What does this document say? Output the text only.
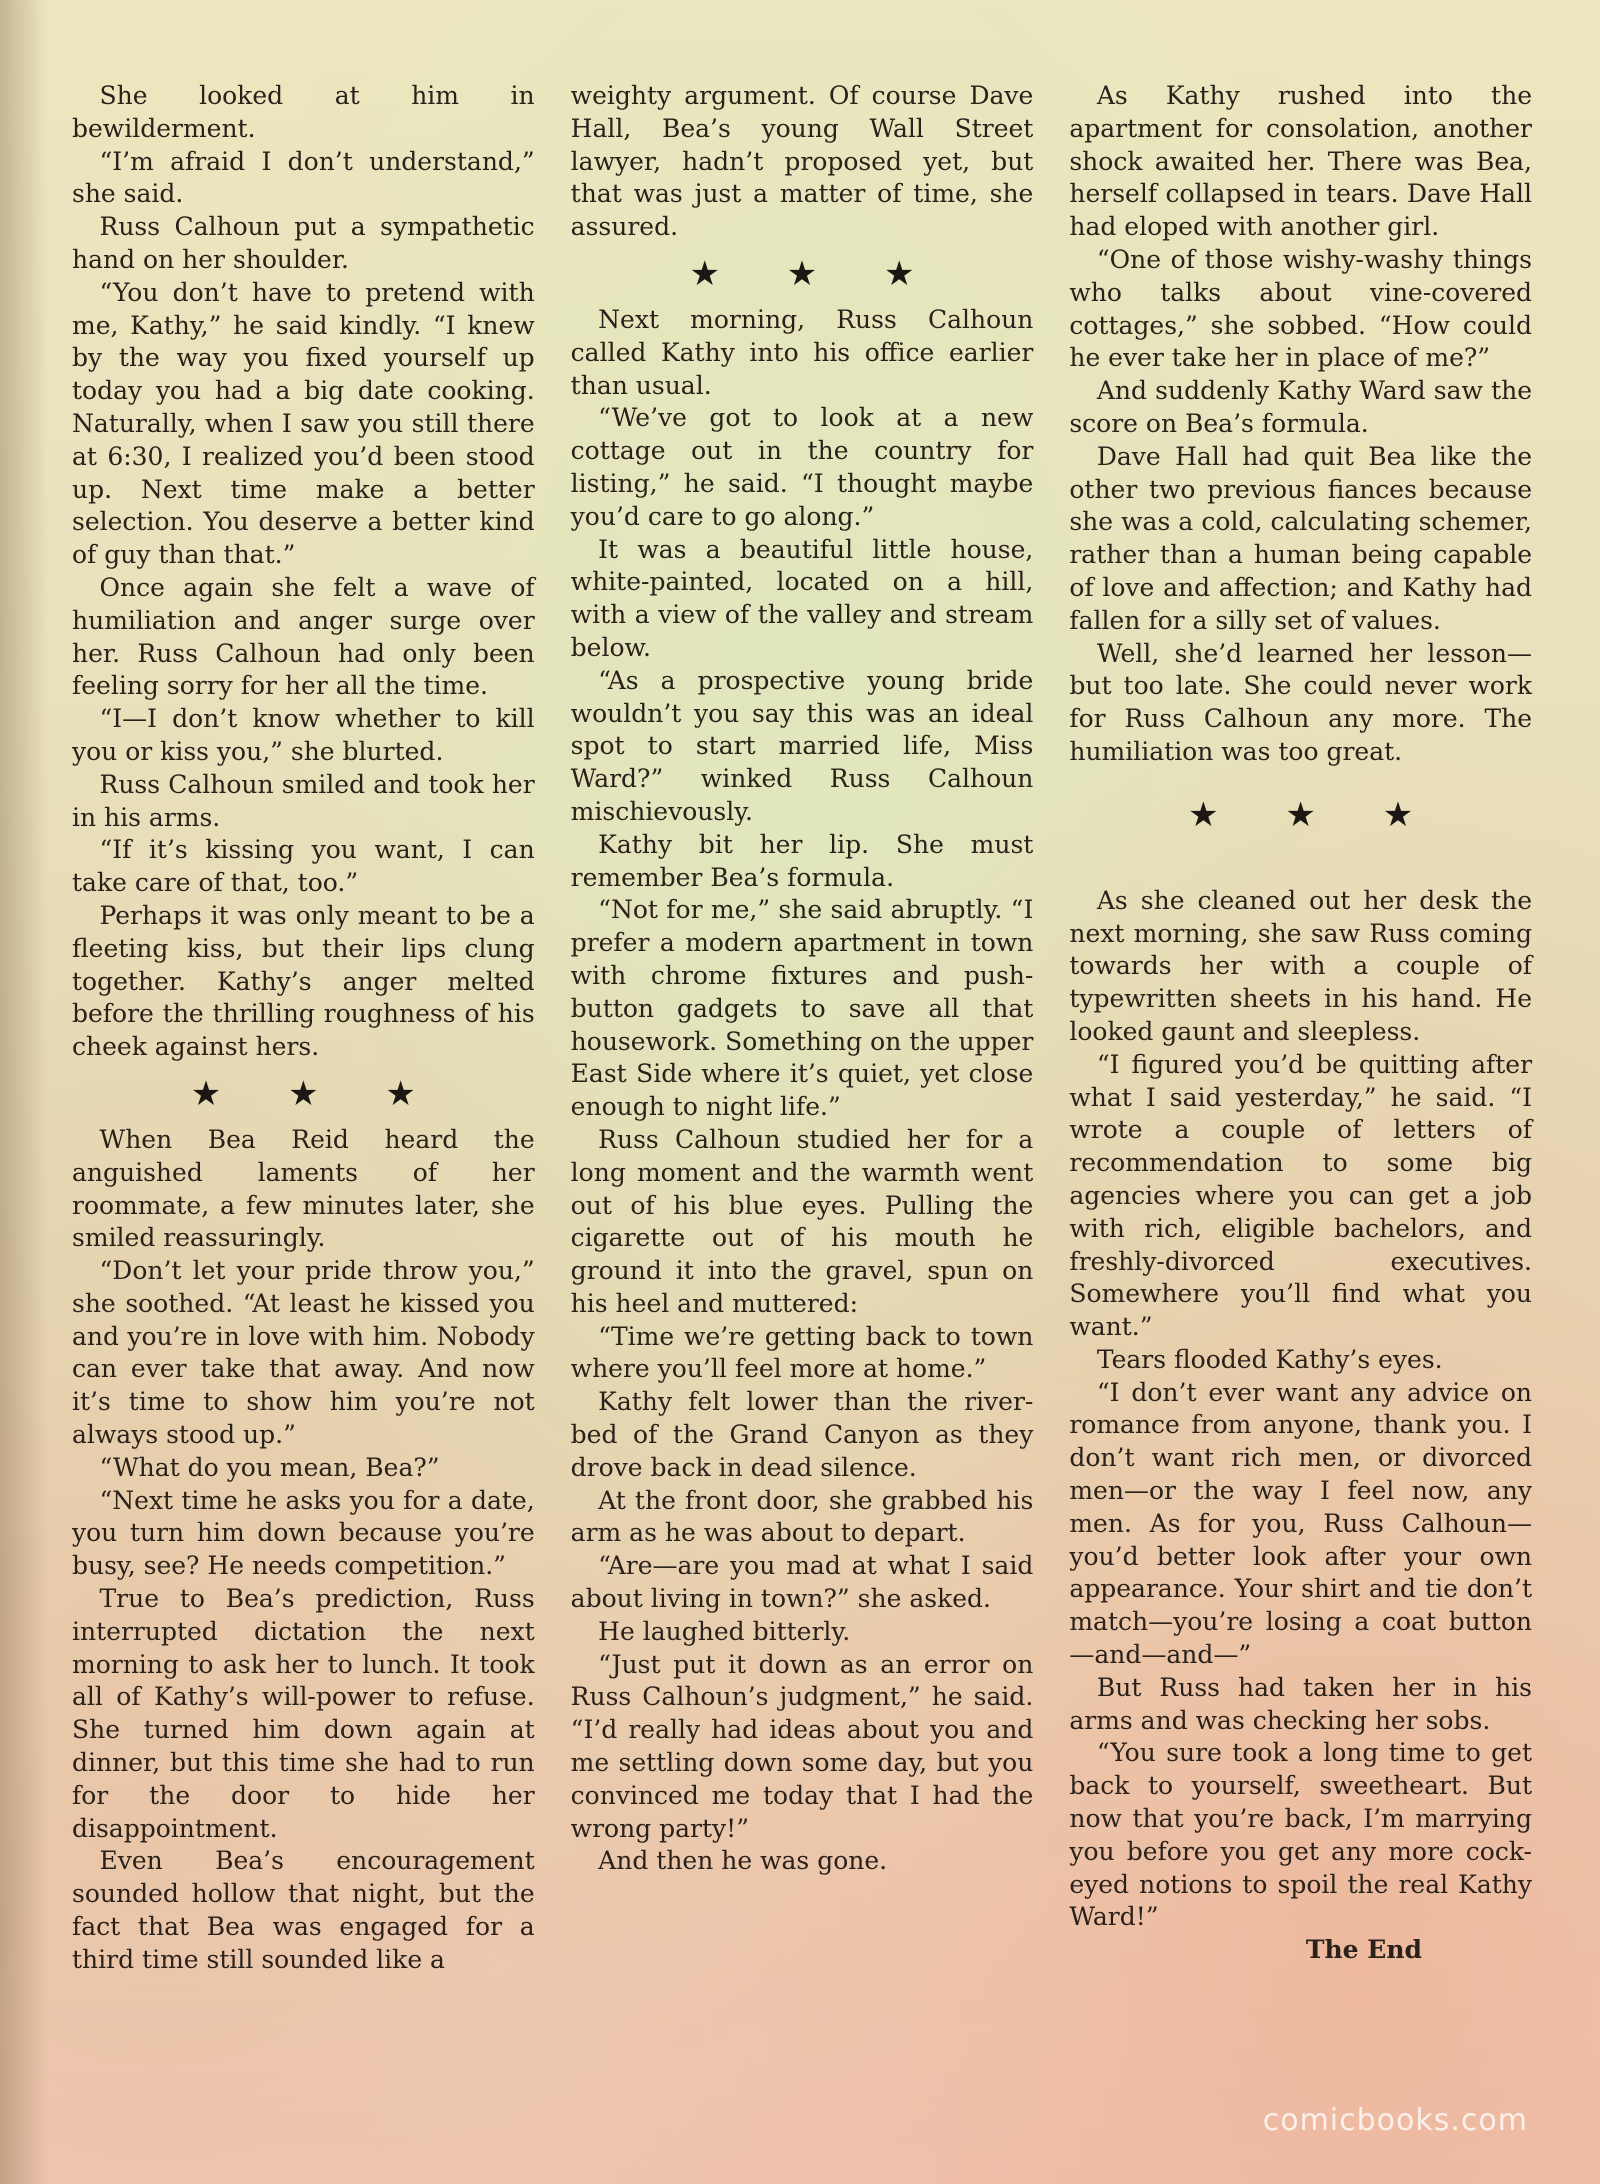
She looked at him in bewilderment.

“I’m afraid I don’t understand,” she said.

Russ Calhoun put a sympathetic hand on her shoulder.

“You don’t have to pretend with me, Kathy,” he said kindly. “I knew by the way you fixed yourself up today you had a big date cooking. Naturally, when I saw you still there at 6:30, I realized you’d been stood up. Next time make a better selection. You deserve a better kind of guy than that.”

Once again she felt a wave of humiliation and anger surge over her. Russ Calhoun had only been feeling sorry for her all the time.

“I—I don’t know whether to kill you or kiss you,” she blurted.

Russ Calhoun smiled and took her in his arms.

“If it’s kissing you want, I can take care of that, too.”

Perhaps it was only meant to be a fleeting kiss, but their lips clung together. Kathy’s anger melted before the thrilling roughness of his cheek against hers.

★ ★ ★

When Bea Reid heard the anguished laments of her roommate, a few minutes later, she smiled reassuringly.

“Don’t let your pride throw you,” she soothed. “At least he kissed you and you’re in love with him. Nobody can ever take that away. And now it’s time to show him you’re not always stood up.”

“What do you mean, Bea?”

“Next time he asks you for a date, you turn him down because you’re busy, see? He needs competition.”

True to Bea’s prediction, Russ interrupted dictation the next morning to ask her to lunch. It took all of Kathy’s will-power to refuse. She turned him down again at dinner, but this time she had to run for the door to hide her disappointment.

Even Bea’s encouragement sounded hollow that night, but the fact that Bea was engaged for a third time still sounded like a

weighty argument. Of course Dave Hall, Bea’s young Wall Street lawyer, hadn’t proposed yet, but that was just a matter of time, she assured.

★ ★ ★

Next morning, Russ Calhoun called Kathy into his office earlier than usual.

“We’ve got to look at a new cottage out in the country for listing,” he said. “I thought maybe you’d care to go along.”

It was a beautiful little house, white-painted, located on a hill, with a view of the valley and stream below.

“As a prospective young bride wouldn’t you say this was an ideal spot to start married life, Miss Ward?” winked Russ Calhoun mischievously.

Kathy bit her lip. She must remember Bea’s formula.

“Not for me,” she said abruptly. “I prefer a modern apartment in town with chrome fixtures and push-button gadgets to save all that housework. Something on the upper East Side where it’s quiet, yet close enough to night life.”

Russ Calhoun studied her for a long moment and the warmth went out of his blue eyes. Pulling the cigarette out of his mouth he ground it into the gravel, spun on his heel and muttered:

“Time we’re getting back to town where you’ll feel more at home.”

Kathy felt lower than the river-bed of the Grand Canyon as they drove back in dead silence.

At the front door, she grabbed his arm as he was about to depart.

“Are—are you mad at what I said about living in town?” she asked.

He laughed bitterly.

“Just put it down as an error on Russ Calhoun’s judgment,” he said. “I’d really had ideas about you and me settling down some day, but you convinced me today that I had the wrong party!”

And then he was gone.

As Kathy rushed into the apartment for consolation, another shock awaited her. There was Bea, herself collapsed in tears. Dave Hall had eloped with another girl.

“One of those wishy-washy things who talks about vine-covered cottages,” she sobbed. “How could he ever take her in place of me?”

And suddenly Kathy Ward saw the score on Bea’s formula.

Dave Hall had quit Bea like the other two previous fiances because she was a cold, calculating schemer, rather than a human being capable of love and affection; and Kathy had fallen for a silly set of values.

Well, she’d learned her lesson—but too late. She could never work for Russ Calhoun any more. The humiliation was too great.

★ ★ ★

As she cleaned out her desk the next morning, she saw Russ coming towards her with a couple of typewritten sheets in his hand. He looked gaunt and sleepless.

“I figured you’d be quitting after what I said yesterday,” he said. “I wrote a couple of letters of recommendation to some big agencies where you can get a job with rich, eligible bachelors, and freshly-divorced executives. Somewhere you’ll find what you want.”

Tears flooded Kathy’s eyes.

“I don’t ever want any advice on romance from anyone, thank you. I don’t want rich men, or divorced men—or the way I feel now, any men. As for you, Russ Calhoun—you’d better look after your own appearance. Your shirt and tie don’t match—you’re losing a coat button—and—and—”

But Russ had taken her in his arms and was checking her sobs.

“You sure took a long time to get back to yourself, sweetheart. But now that you’re back, I’m marrying you before you get any more cock-eyed notions to spoil the real Kathy Ward!”

The End

comicbooks.com
